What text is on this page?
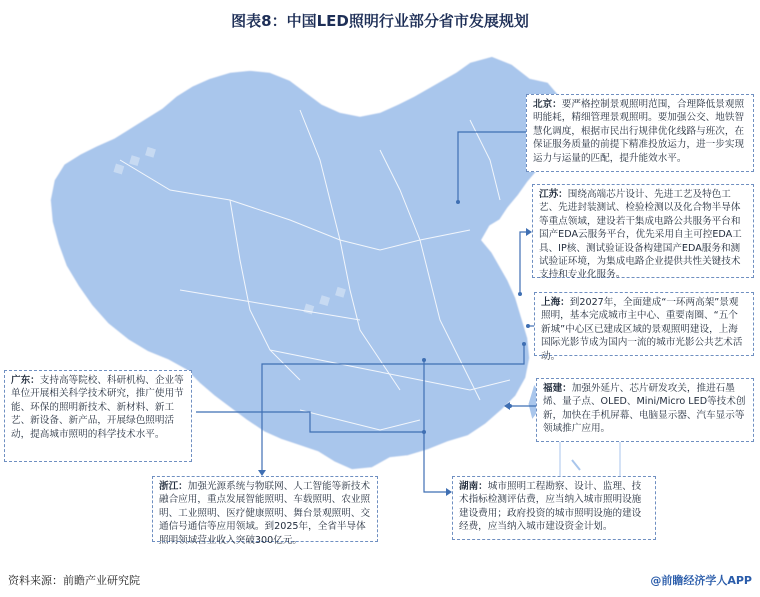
图表8：中国LED照明行业部分省市发展规划
◆ ◆ ◆
◆ ◆ ◆
北京：要严格控制景观照明范围，合理降低景观照明能耗，精细管理景观照明。要加强公交、地铁智慧化调度，根据市民出行规律优化线路与班次，在保证服务质量的前提下精准投放运力，进一步实现运力与运量的匹配，提升能效水平。
江苏：围绕高端芯片设计、先进工艺及特色工艺、先进封装测试、检验检测以及化合物半导体等重点领域，建设若干集成电路公共服务平台和国产EDA云服务平台，优先采用自主可控EDA工具、IP核、测试验证设备构建国产EDA服务和测试验证环境，为集成电路企业提供共性关键技术支持和专业化服务。
上海：到2027年，全面建成“一环两高架”景观照明，基本完成城市主中心、重要南圈、“五个新城”中心区已建成区域的景观照明建设，上海国际光影节成为国内一流的城市光影公共艺术活动。
广东：支持高等院校、科研机构、企业等单位开展相关科学技术研究，推广使用节能、环保的照明新技术、新材料、新工艺、新设备、新产品，开展绿色照明活动，提高城市照明的科学技术水平。
福建：加强外延片、芯片研发攻关，推进石墨烯、量子点、OLED、Mini/Micro LED等技术创新，加快在手机屏幕、电脑显示器、汽车显示等领域推广应用。
浙江：加强光源系统与物联网、人工智能等新技术融合应用，重点发展智能照明、车载照明、农业照明、工业照明、医疗健康照明、舞台景观照明、交通信号通信等应用领域。到2025年，全省半导体照明领域营业收入突破300亿元。
湖南：城市照明工程勘察、设计、监理、技术指标检测评估费，应当纳入城市照明设施建设费用；政府投资的城市照明设施的建设经费，应当纳入城市建设资金计划。
资料来源：前瞻产业研究院	@前瞻经济学人APP
